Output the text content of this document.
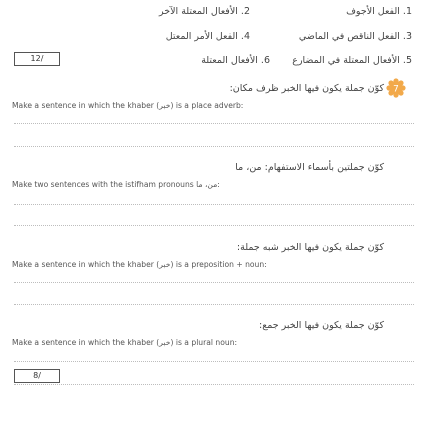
1. الفعل الأجوف
2. الأفعال المعتلة الآخر
3. الفعل الناقص في الماضي
4. الفعل الأمر المعتل
12/	5. الأفعال المعتلة في المضارع
6. الأفعال المعتلة
7
كوّن جملة يكون فيها الخبر ظرف مكان:
Make a sentence in which the khaber (خبر) is a place adverb:
كوّن جملتين بأسماء الاستفهام: من، ما
Make two sentences with the istifham pronouns من، ما:
كوّن جملة يكون فيها الخبر شبه جملة:
Make a sentence in which the khaber (خبر) is a preposition + noun:
كوّن جملة يكون فيها الخبر جمع:
Make a sentence in which the khaber (خبر) is a plural noun:
8/
